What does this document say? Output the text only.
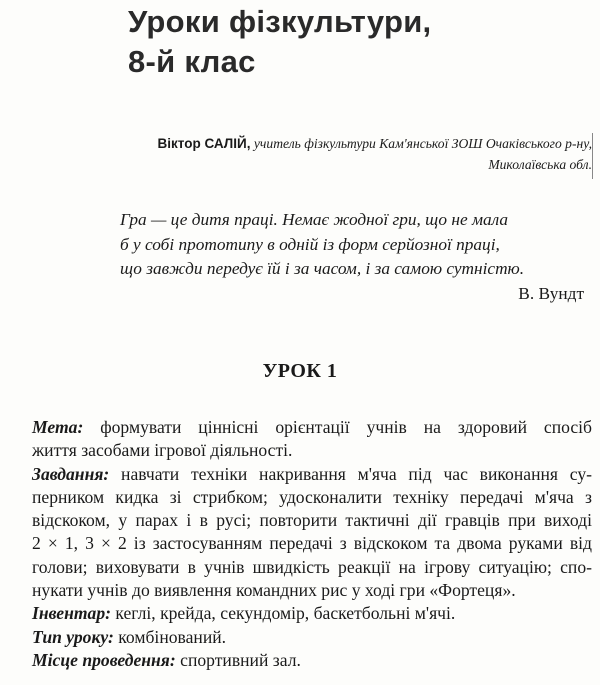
Уроки фізкультури,
8-й клас
Віктор САЛІЙ, учитель фізкультури Кам'янської ЗОШ Очаківського р-ну,
Миколаївська обл.
Гра — це дитя праці. Немає жодної гри, що не мала
б у собі прототипу в одній із форм серйозної праці,
що завжди передує їй і за часом, і за самою сутністю.
В. Вундт
УРОК 1
Мета: формувати ціннісні орієнтації учнів на здоровий спосіб
життя засобами ігрової діяльності.
Завдання: навчати техніки накривання м'яча під час виконання су-
перником кидка зі стрибком; удосконалити техніку передачі м'яча з
відскоком, у парах і в русі; повторити тактичні дії гравців при виході
2 × 1, 3 × 2 із застосуванням передачі з відскоком та двома руками від
голови; виховувати в учнів швидкість реакції на ігрову ситуацію; спо-
нукати учнів до виявлення командних рис у ході гри «Фортеця».
Інвентар: кеглі, крейда, секундомір, баскетбольні м'ячі.
Тип уроку: комбінований.
Місце проведення: спортивний зал.
